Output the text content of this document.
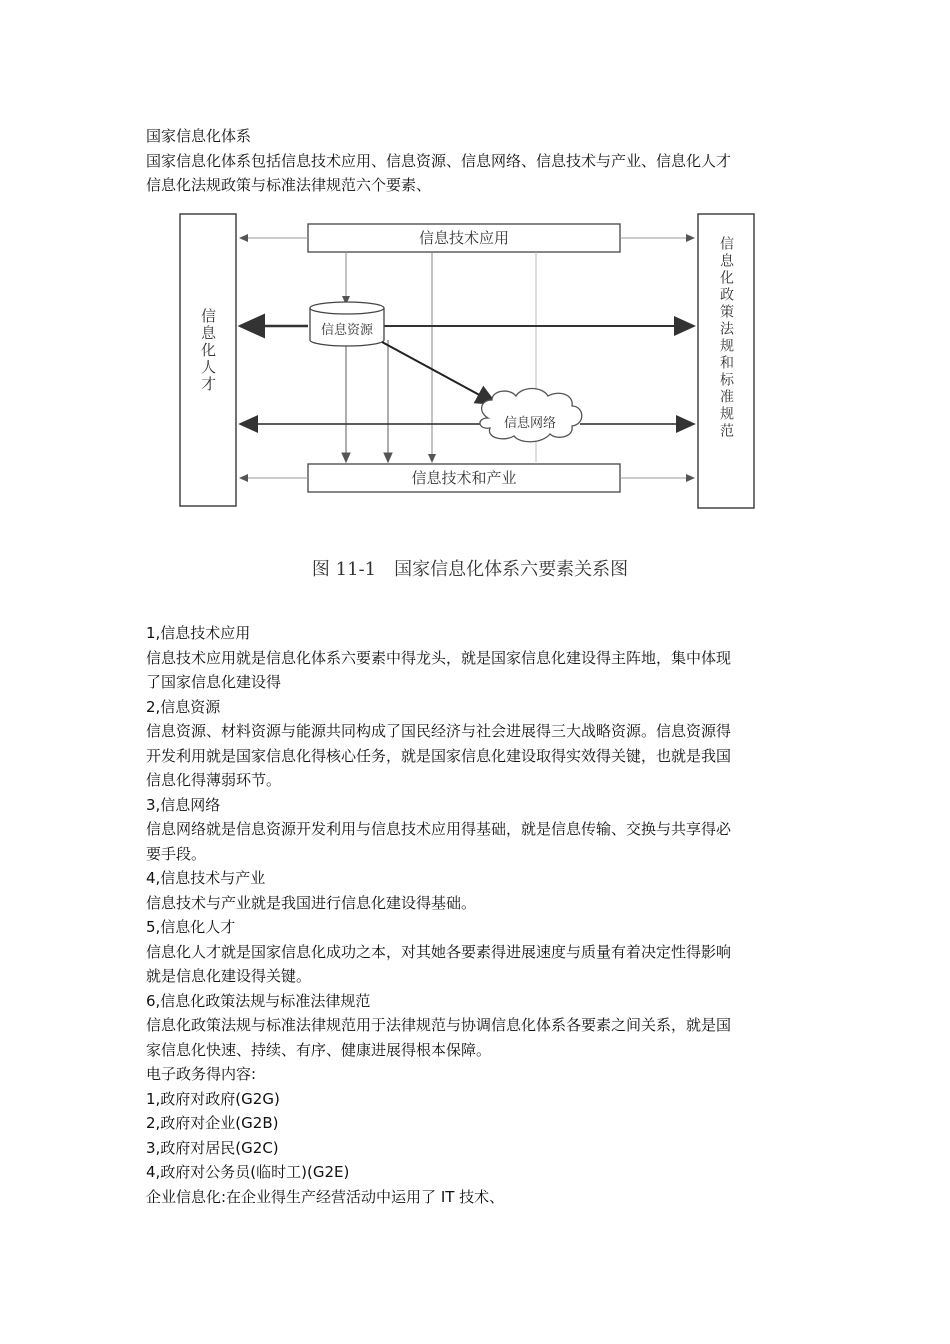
国家信息化体系
国家信息化体系包括信息技术应用、信息资源、信息网络、信息技术与产业、信息化人才
信息化法规政策与标准法律规范六个要素、
信息技术应用
信息技术和产业
信息化人才	信息化政策法规和标准规范
信息资源
信息网络
图 11-1　国家信息化体系六要素关系图
1,信息技术应用
信息技术应用就是信息化体系六要素中得龙头，就是国家信息化建设得主阵地，集中体现
了国家信息化建设得
2,信息资源
信息资源、材料资源与能源共同构成了国民经济与社会进展得三大战略资源。信息资源得
开发利用就是国家信息化得核心任务，就是国家信息化建设取得实效得关键，也就是我国
信息化得薄弱环节。
3,信息网络
信息网络就是信息资源开发利用与信息技术应用得基础，就是信息传输、交换与共享得必
要手段。
4,信息技术与产业
信息技术与产业就是我国进行信息化建设得基础。
5,信息化人才
信息化人才就是国家信息化成功之本，对其她各要素得进展速度与质量有着决定性得影响
就是信息化建设得关键。
6,信息化政策法规与标准法律规范
信息化政策法规与标准法律规范用于法律规范与协调信息化体系各要素之间关系，就是国
家信息化快速、持续、有序、健康进展得根本保障。
电子政务得内容:
1,政府对政府(G2G)
2,政府对企业(G2B)
3,政府对居民(G2C)
4,政府对公务员(临时工)(G2E)
企业信息化:在企业得生产经营活动中运用了 IT 技术、
